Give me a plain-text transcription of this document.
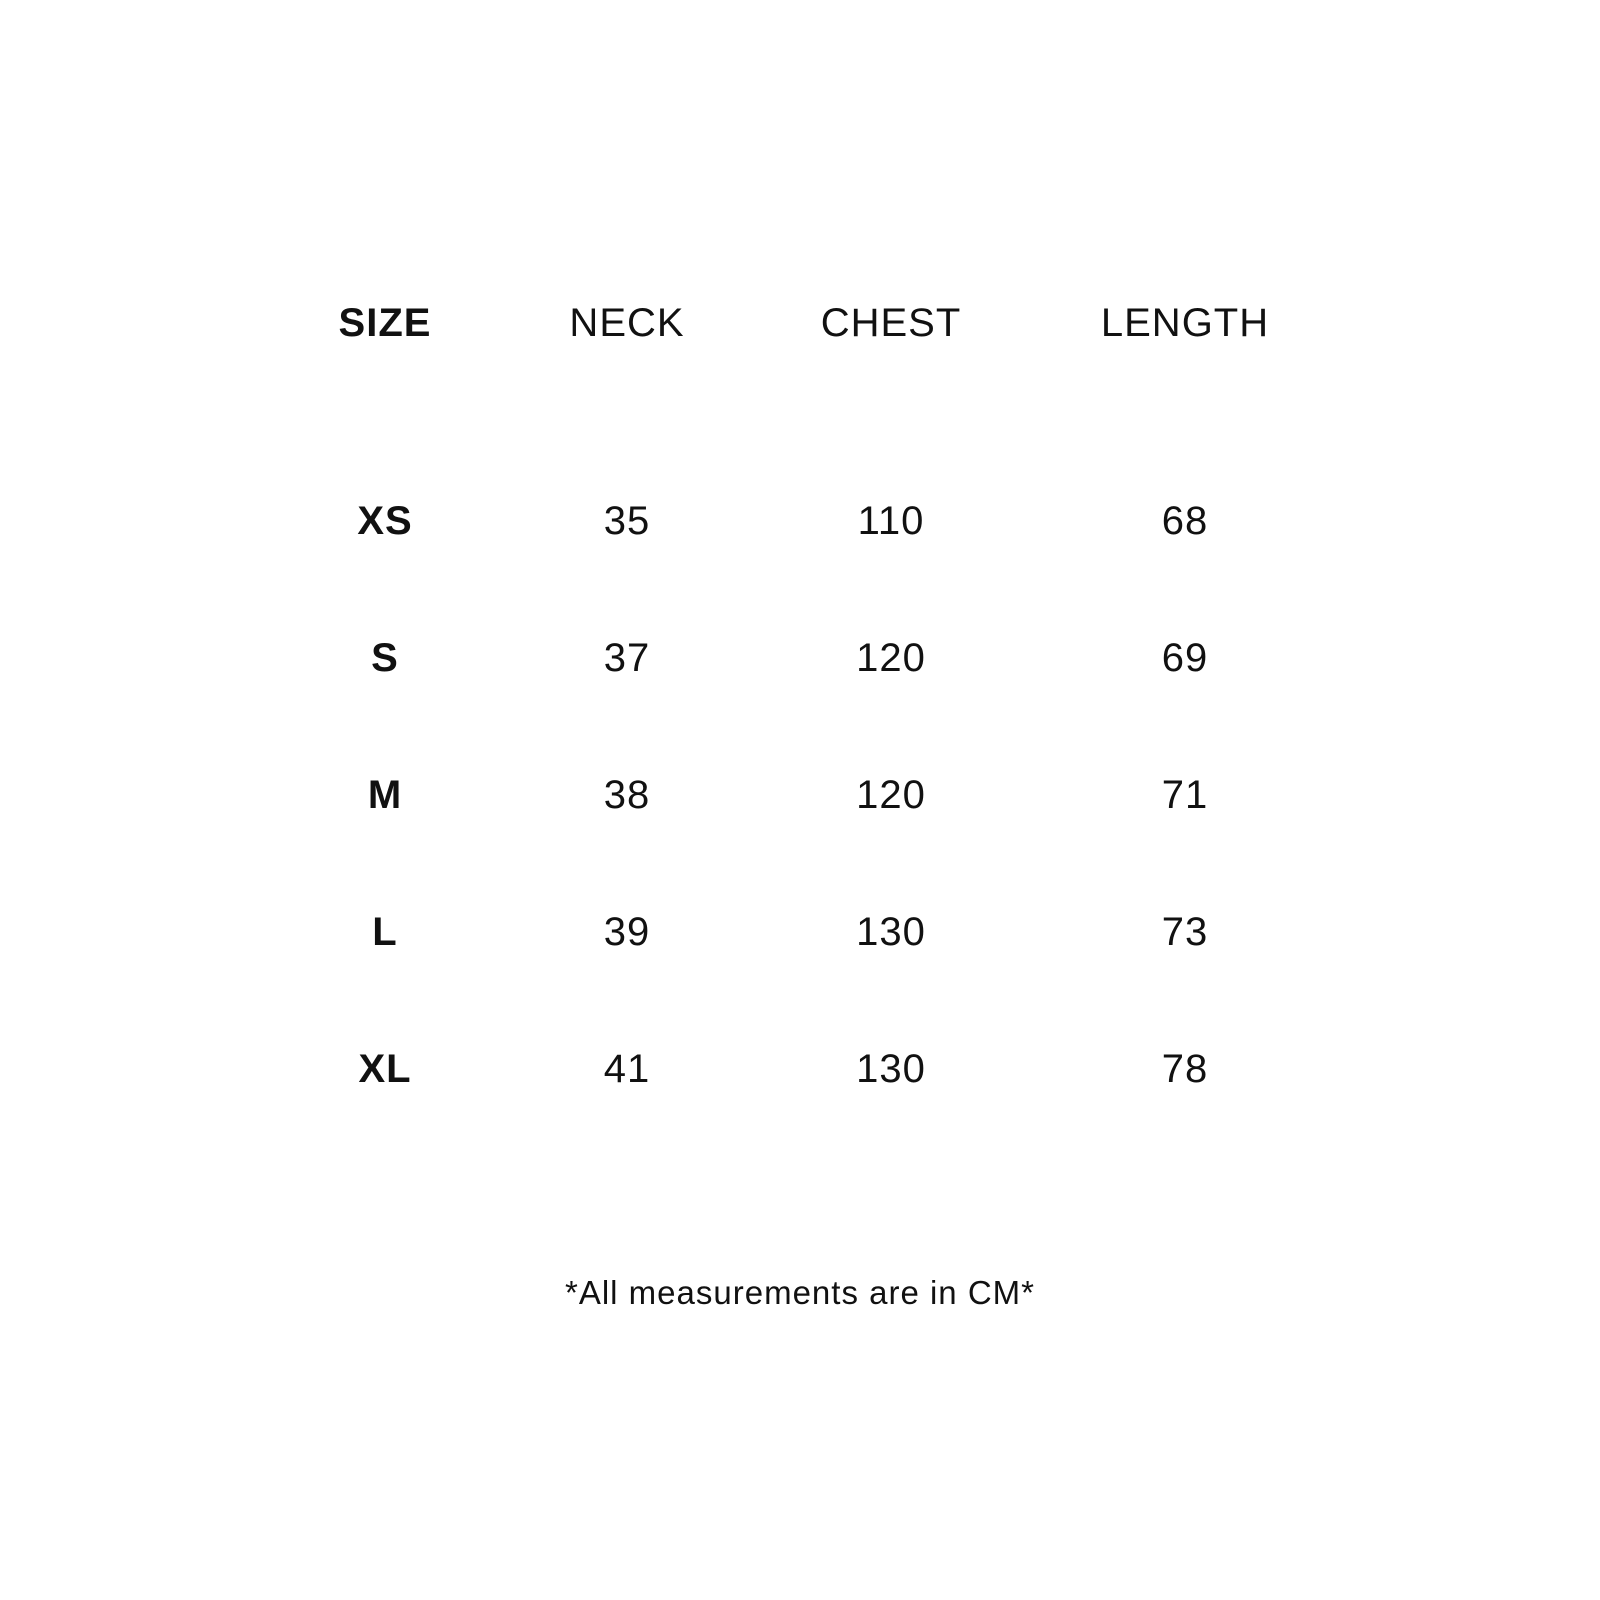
SIZE	NECK	CHEST	LENGTH
XS	35	110	68
S	37	120	69
M	38	120	71
L	39	130	73
XL	41	130	78
*All measurements are in CM*
